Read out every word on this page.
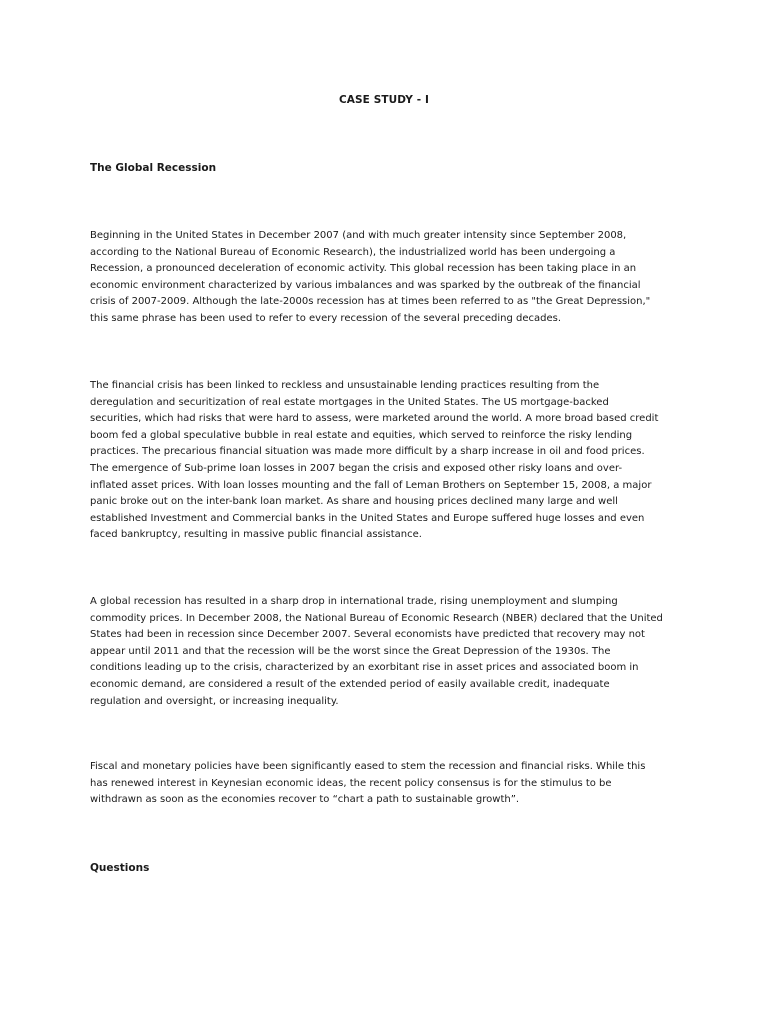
CASE STUDY - I
The Global Recession
Beginning in the United States in December 2007 (and with much greater intensity since September 2008,
according to the National Bureau of Economic Research), the industrialized world has been undergoing a
Recession, a pronounced deceleration of economic activity. This global recession has been taking place in an
economic environment characterized by various imbalances and was sparked by the outbreak of the financial
crisis of 2007-2009. Although the late-2000s recession has at times been referred to as "the Great Depression,"
this same phrase has been used to refer to every recession of the several preceding decades.
The financial crisis has been linked to reckless and unsustainable lending practices resulting from the
deregulation and securitization of real estate mortgages in the United States. The US mortgage-backed
securities, which had risks that were hard to assess, were marketed around the world. A more broad based credit
boom fed a global speculative bubble in real estate and equities, which served to reinforce the risky lending
practices. The precarious financial situation was made more difficult by a sharp increase in oil and food prices.
The emergence of Sub-prime loan losses in 2007 began the crisis and exposed other risky loans and over-
inflated asset prices. With loan losses mounting and the fall of Leman Brothers on September 15, 2008, a major
panic broke out on the inter-bank loan market. As share and housing prices declined many large and well
established Investment and Commercial banks in the United States and Europe suffered huge losses and even
faced bankruptcy, resulting in massive public financial assistance.
A global recession has resulted in a sharp drop in international trade, rising unemployment and slumping
commodity prices. In December 2008, the National Bureau of Economic Research (NBER) declared that the United
States had been in recession since December 2007. Several economists have predicted that recovery may not
appear until 2011 and that the recession will be the worst since the Great Depression of the 1930s. The
conditions leading up to the crisis, characterized by an exorbitant rise in asset prices and associated boom in
economic demand, are considered a result of the extended period of easily available credit, inadequate
regulation and oversight, or increasing inequality.
Fiscal and monetary policies have been significantly eased to stem the recession and financial risks. While this
has renewed interest in Keynesian economic ideas, the recent policy consensus is for the stimulus to be
withdrawn as soon as the economies recover to “chart a path to sustainable growth”.
Questions
